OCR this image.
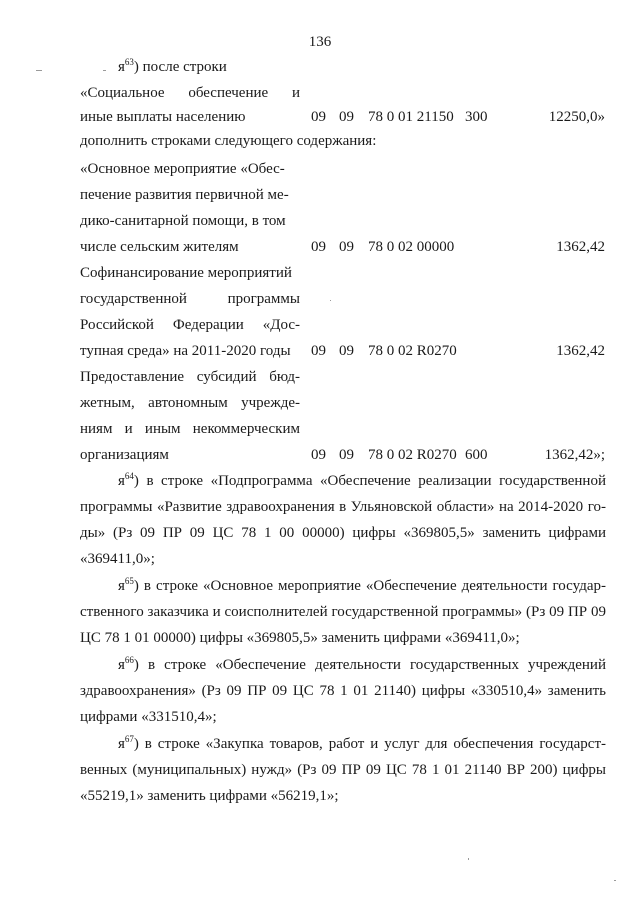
136
$я^{63}$) после строки
«Социальное обеспечение и
иные выплаты населению	09 09 78 0 01 21150 300	12250,0»
дополнить строками следующего содержания:
«Основное мероприятие «Обес-
печение развития первичной ме-
дико-санитарной помощи, в том
числе сельским жителям	09 09 78 0 02 00000	1362,42
Софинансирование мероприятий
государственной программы
Российской Федерации «Дос-
тупная среда» на 2011-2020 годы 09 09 78 0 02 R0270	1362,42
Предоставление субсидий бюд-
жетным, автономным учрежде-
ниям и иным некоммерческим
организациям	09 09 78 0 02 R0270 600	1362,42»;
$я^{64}$) в строке «Подпрограмма «Обеспечение реализации государственной
программы «Развитие здравоохранения в Ульяновской области» на 2014-2020 го-
ды» (Рз 09 ПР 09 ЦС 78 1 00 00000) цифры «369805,5» заменить цифрами
«369411,0»;
$я^{65}$) в строке «Основное мероприятие «Обеспечение деятельности государ-
ственного заказчика и соисполнителей государственной программы» (Рз 09 ПР 09
ЦС 78 1 01 00000) цифры «369805,5» заменить цифрами «369411,0»;
$я^{66}$) в строке «Обеспечение деятельности государственных учреждений
здравоохранения» (Рз 09 ПР 09 ЦС 78 1 01 21140) цифры «330510,4» заменить
цифрами «331510,4»;
$я^{67}$) в строке «Закупка товаров, работ и услуг для обеспечения государст-
венных (муниципальных) нужд» (Рз 09 ПР 09 ЦС 78 1 01 21140 ВР 200) цифры
«55219,1» заменить цифрами «56219,1»;
